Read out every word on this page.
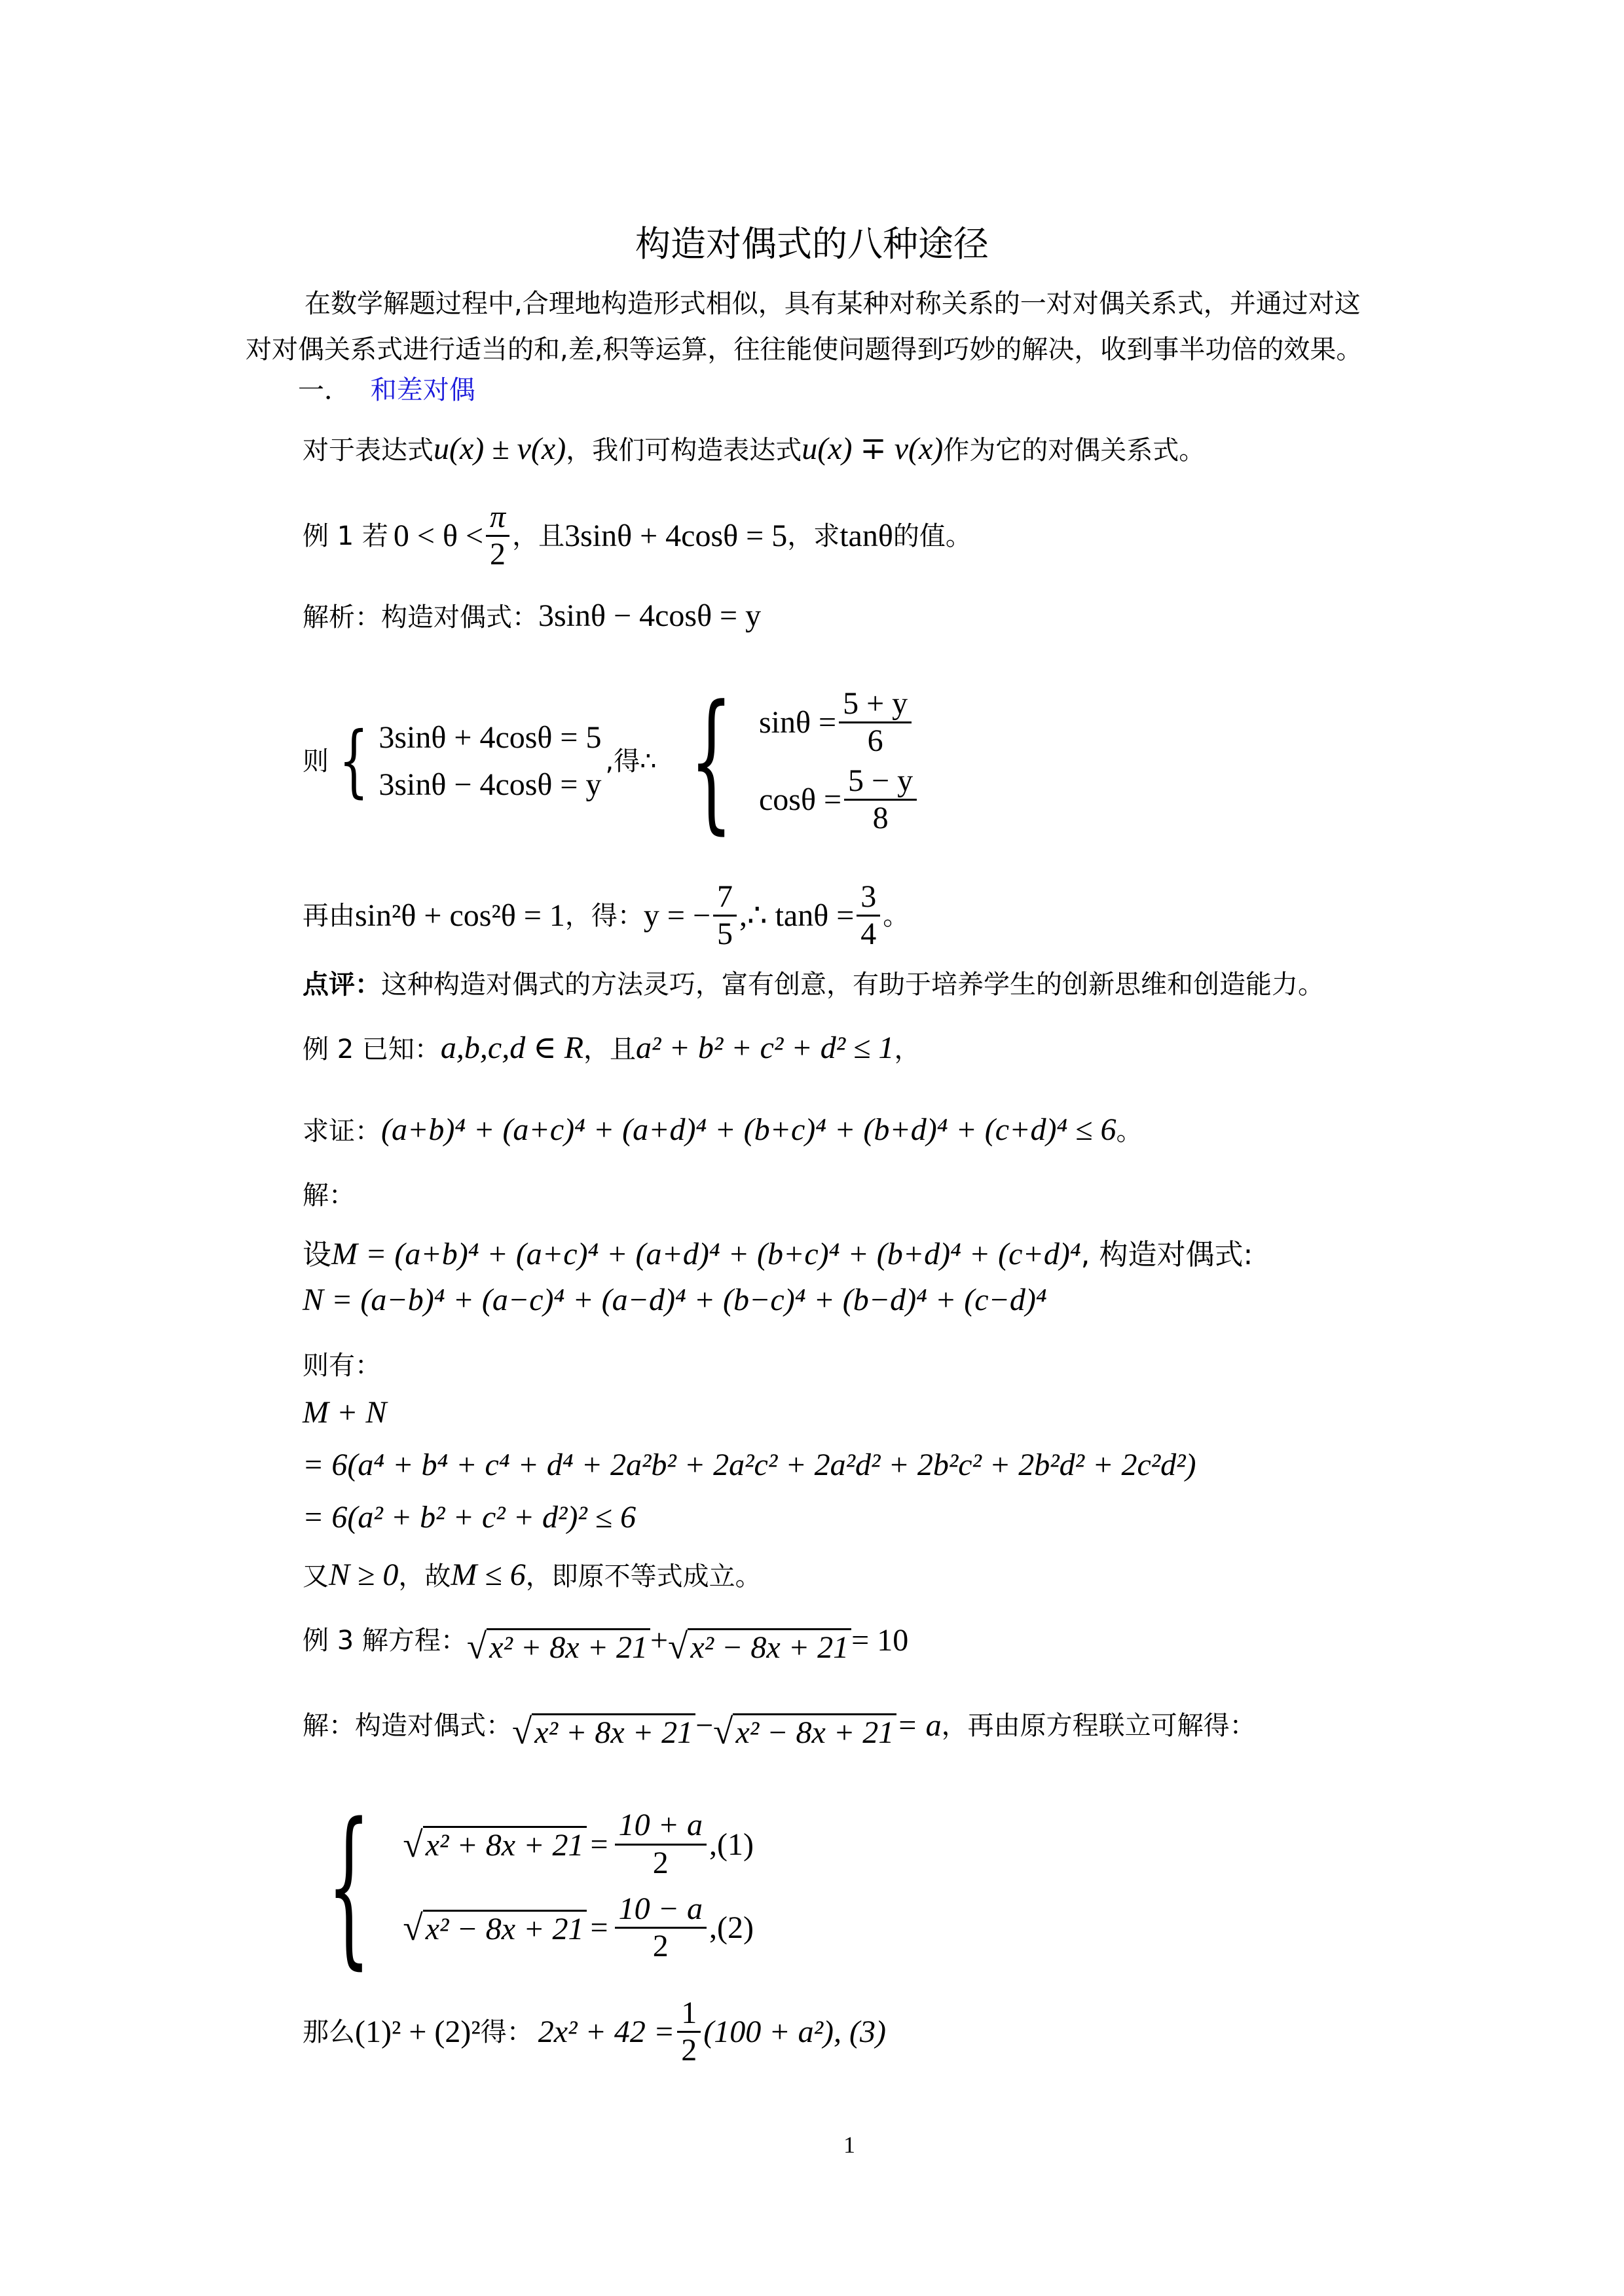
构造对偶式的八种途径
在数学解题过程中,合理地构造形式相似，具有某种对称关系的一对对偶关系式，并通过对这
对对偶关系式进行适当的和,差,积等运算，往往能使问题得到巧妙的解决，收到事半功倍的效果。
一． 和差对偶
对于表达式u(x) ± v(x)，我们可构造表达式u(x) ∓ v(x)作为它的对偶关系式。
例 1 若 $0 < \theta < \frac{\pi}{2}$ ，且 3sinθ + 4cosθ = 5 ，求 tanθ 的值。
解析：构造对偶式：3sinθ − 4cosθ = y
则 { 3sinθ + 4cosθ = 5
3sinθ − 4cosθ = y
,得∴ { $\sin\theta = \frac{5 + y}{6}$
$\cos\theta = \frac{5 - y}{8}$
再由 sin²θ + cos²θ = 1 ，得： y = − $\frac{7}{5}$ ,∴ $\tan\theta = \frac{3}{4}$ 。
点评：这种构造对偶式的方法灵巧，富有创意，有助于培养学生的创新思维和创造能力。
例 2 已知：a,b,c,d ∈ R，且a² + b² + c² + d² ≤ 1，
求证：(a+b)⁴ + (a+c)⁴ + (a+d)⁴ + (b+c)⁴ + (b+d)⁴ + (c+d)⁴ ≤ 6。
解：
设M = (a+b)⁴ + (a+c)⁴ + (a+d)⁴ + (b+c)⁴ + (b+d)⁴ + (c+d)⁴, 构造对偶式:
N = (a−b)⁴ + (a−c)⁴ + (a−d)⁴ + (b−c)⁴ + (b−d)⁴ + (c−d)⁴
则有：
M + N
= 6(a⁴ + b⁴ + c⁴ + d⁴ + 2a²b² + 2a²c² + 2a²d² + 2b²c² + 2b²d² + 2c²d²)
= 6(a² + b² + c² + d²)² ≤ 6
又N ≥ 0，故M ≤ 6，即原不等式成立。
例 3 解方程： √ x² + 8x + 21 + √ x² − 8x + 21 = 10
解：构造对偶式： √ x² + 8x + 21 − √ x² − 8x + 21 = a ，再由原方程联立可解得：
{ √ $x^2 + 8x + 21 = \frac{10 + a}{2} ,(1)$
√ $x^2 - 8x + 21 = \frac{10 - a}{2} ,(2)$
那么 (1)² + (2)² 得： $2x^2 + 42 = \frac{1}{2} (100 + a^2)$, (3)
1
